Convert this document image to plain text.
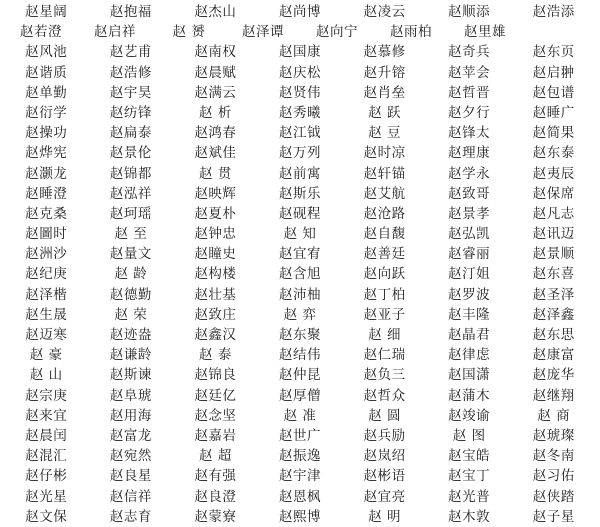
赵星阔	赵抱福	赵杰山	赵尚博	赵凌云	赵顺添	赵浩添
赵若澄	赵启祥	赵 赟	赵泽谭	赵向宁	赵雨柏	赵里雄
赵风池	赵艺甫	赵南权	赵国康	赵慕修	赵奇兵	赵东页
赵谐质	赵浩修	赵晨赋	赵庆松	赵升镕	赵苹会	赵启翀
赵单勤	赵宇昊	赵满云	赵贤伟	赵肖垒	赵哲晋	赵包谱
赵衍学	赵纺锋	赵 析	赵秀曦	赵 跃	赵夕行	赵睡广
赵操功	赵扁泰	赵鸿春	赵江钺	赵 豆	赵锋太	赵简果
赵烨宪	赵景伦	赵斌佳	赵万列	赵时凉	赵理康	赵东泰
赵灏龙	赵锦都	赵 贯	赵前寓	赵轩锚	赵学永	赵夷辰
赵睡澄	赵泓祥	赵映辉	赵斯乐	赵艾航	赵致哥	赵保席
赵克桑	赵珂瑶	赵夏朴	赵砚程	赵沧路	赵景孝	赵凡志
赵圖时	赵 至	赵钟忠	赵 知	赵自馥	赵弘凯	赵讯迈
赵洲沙	赵量文	赵瞳史	赵宜宥	赵善廷	赵睿丽	赵景顺
赵纪庚	赵 龄	赵构楼	赵含旭	赵向跃	赵汀姐	赵东喜
赵泽楷	赵德勤	赵壮基	赵沛柚	赵丁柏	赵罗波	赵圣泽
赵生晟	赵 荣	赵致庄	赵 弈	赵亚子	赵丰隆	赵泽鑫
赵迈寒	赵迹盎	赵鑫汉	赵东聚	赵 细	赵晶君	赵东思
赵 豪	赵谦龄	赵 泰	赵结伟	赵仁瑞	赵律虑	赵康富
赵 山	赵斯谏	赵锦良	赵仲昆	赵负三	赵国潇	赵庞华
赵宗庚	赵阜琥	赵廷亿	赵厚僧	赵哲众	赵蒲木	赵继翔
赵来宜	赵用海	赵念坚	赵 准	赵 圆	赵竣谕	赵 商
赵晨闰	赵富龙	赵嘉岩	赵世广	赵兵励	赵 图	赵琥璨
赵混汇	赵宛然	赵 超	赵振逸	赵岚绍	赵宝皓	赵冬南
赵仔彬	赵良星	赵有强	赵宇津	赵彬语	赵宝丁	赵习佑
赵光星	赵信祥	赵良澄	赵恩枫	赵宜亮	赵光普	赵侠踏
赵文保	赵志育	赵蒙寮	赵熙博	赵 明	赵木敦	赵子星
